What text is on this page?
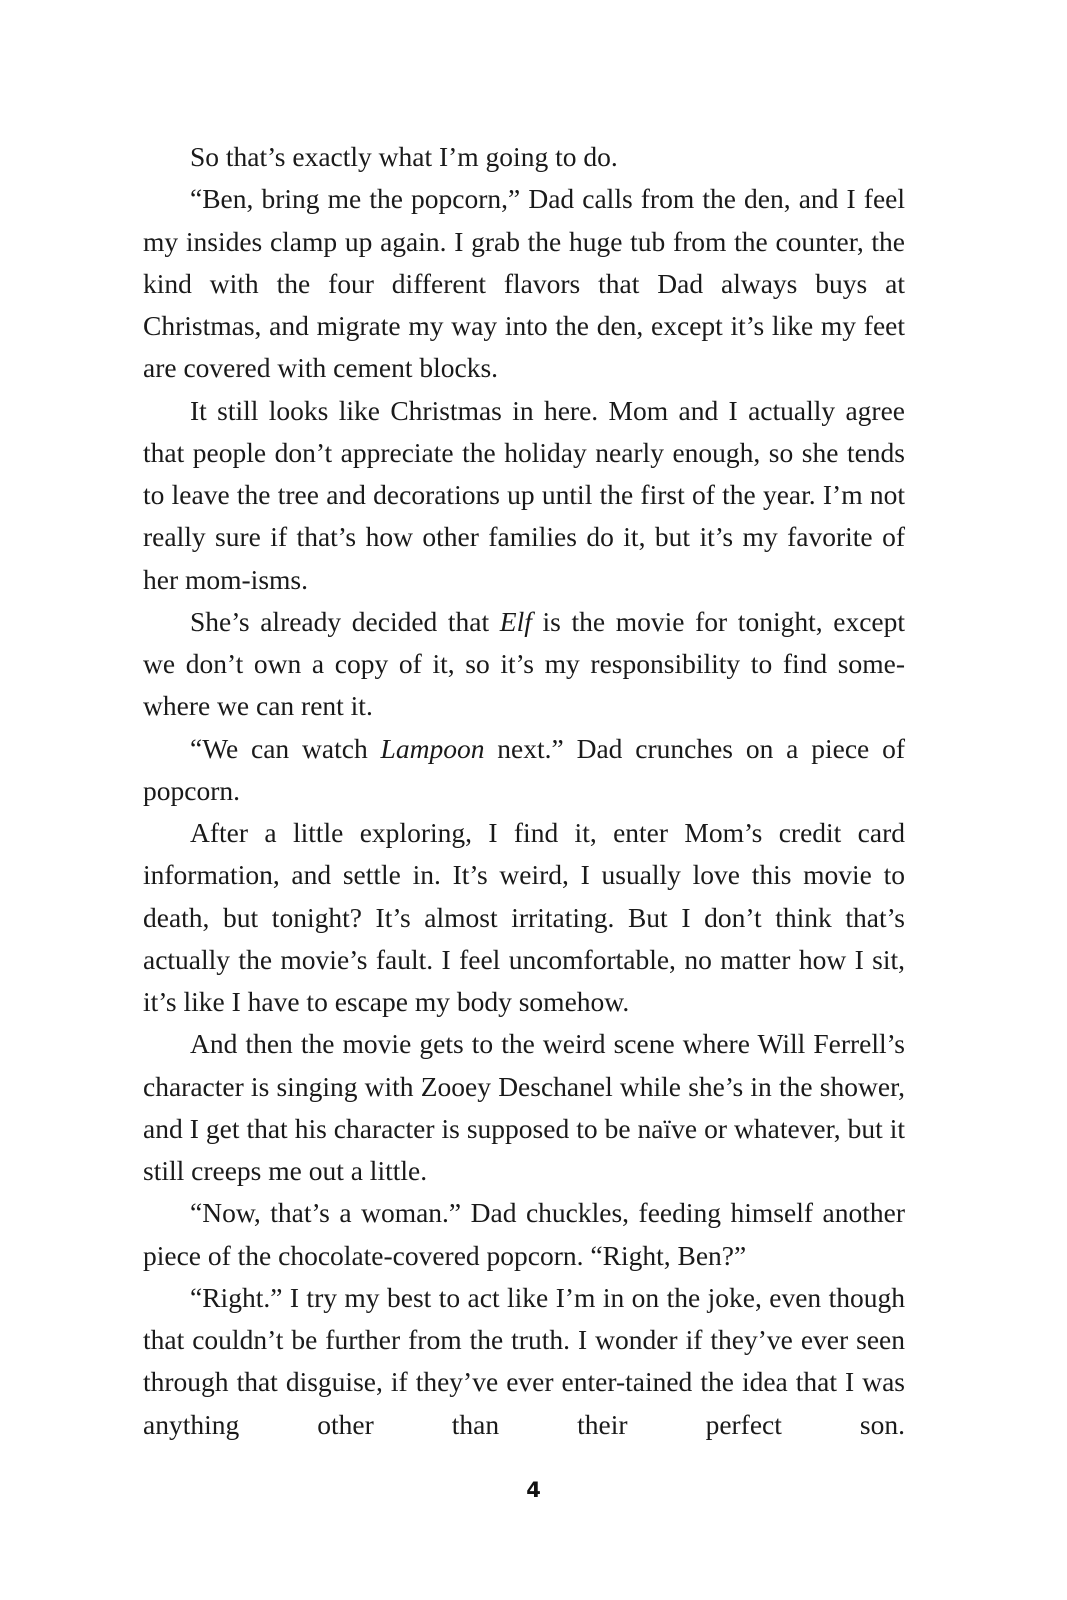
So that’s exactly what I’m going to do.

“Ben, bring me the popcorn,” Dad calls from the den, and I feel my insides clamp up again. I grab the huge tub from the counter, the kind with the four different flavors that Dad always buys at Christmas, and migrate my way into the den, except it’s like my feet are covered with cement blocks.

It still looks like Christmas in here. Mom and I actually agree that people don’t appreciate the holiday nearly enough, so she tends to leave the tree and decorations up until the first of the year. I’m not really sure if that’s how other families do it, but it’s my favorite of her mom-isms.

She’s already decided that Elf is the movie for tonight, except we don’t own a copy of it, so it’s my responsibility to find some-where we can rent it.

“We can watch Lampoon next.” Dad crunches on a piece of popcorn.

After a little exploring, I find it, enter Mom’s credit card information, and settle in. It’s weird, I usually love this movie to death, but tonight? It’s almost irritating. But I don’t think that’s actually the movie’s fault. I feel uncomfortable, no matter how I sit, it’s like I have to escape my body somehow.

And then the movie gets to the weird scene where Will Ferrell’s character is singing with Zooey Deschanel while she’s in the shower, and I get that his character is supposed to be naïve or whatever, but it still creeps me out a little.

“Now, that’s a woman.” Dad chuckles, feeding himself another piece of the chocolate-covered popcorn. “Right, Ben?”

“Right.” I try my best to act like I’m in on the joke, even though that couldn’t be further from the truth. I wonder if they’ve ever seen through that disguise, if they’ve ever enter-tained the idea that I was anything other than their perfect son.

4
